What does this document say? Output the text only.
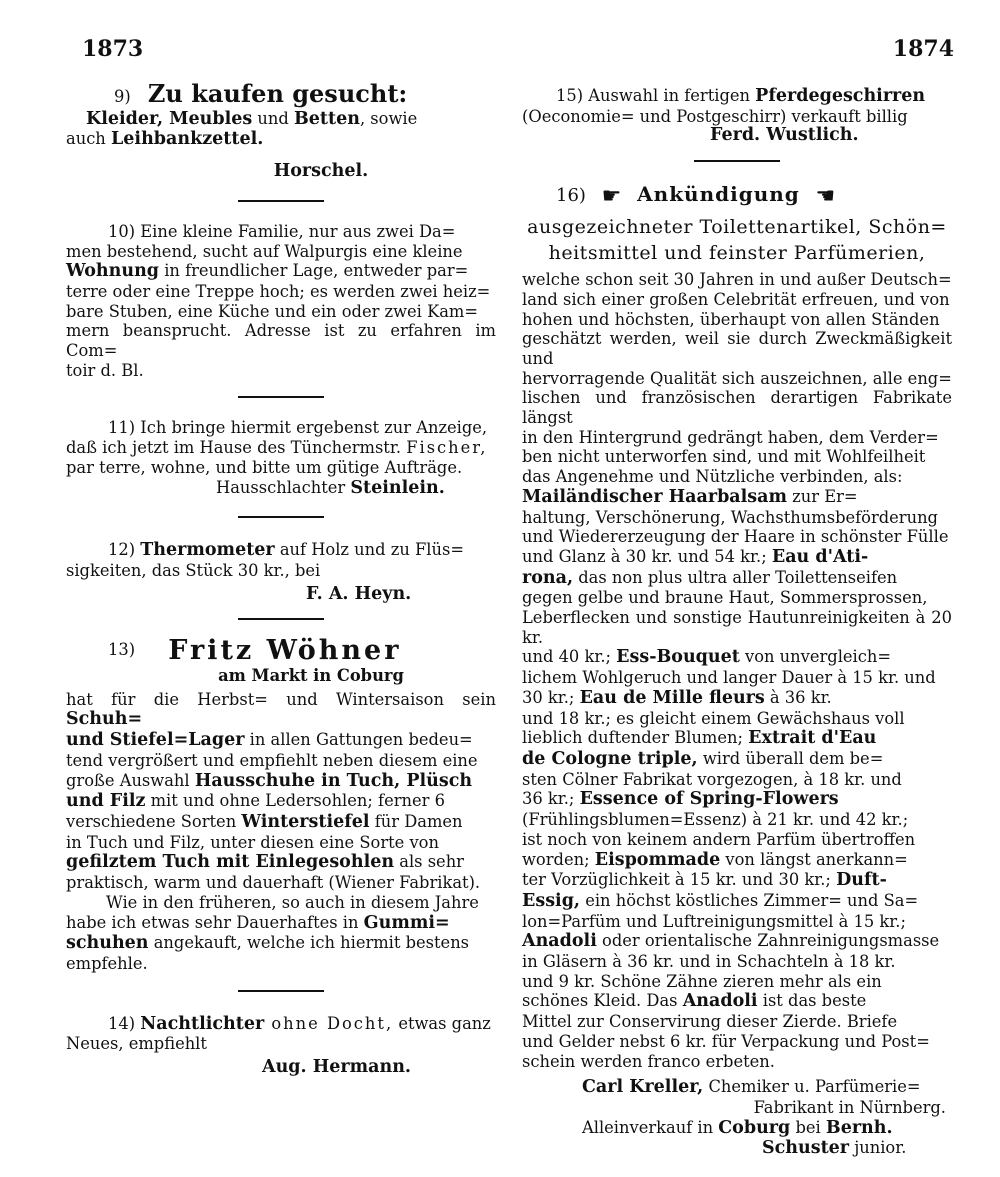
1873	1874

9) Zu kaufen gesucht:

Kleider, Meubles und Betten, sowie

auch Leihbankzettel.

Horschel.

10) Eine kleine Familie, nur aus zwei Da=

men bestehend, sucht auf Walpurgis eine kleine

Wohnung in freundlicher Lage, entweder par=

terre oder eine Treppe hoch; es werden zwei heiz=

bare Stuben, eine Küche und ein oder zwei Kam=

mern beansprucht. Adresse ist zu erfahren im Com=

toir d. Bl.

11) Ich bringe hiermit ergebenst zur Anzeige,

daß ich jetzt im Hause des Tünchermstr. Fischer,

par terre, wohne, und bitte um gütige Aufträge.

Hausschlachter Steinlein.

12) Thermometer auf Holz und zu Flüs=

sigkeiten, das Stück 30 kr., bei

F. A. Heyn.

13) Fritz Wöhner

am Markt in Coburg

hat für die Herbst= und Wintersaison sein Schuh=

und Stiefel=Lager in allen Gattungen bedeu=

tend vergrößert und empfiehlt neben diesem eine

große Auswahl Hausschuhe in Tuch, Plüsch

und Filz mit und ohne Ledersohlen; ferner 6

verschiedene Sorten Winterstiefel für Damen

in Tuch und Filz, unter diesen eine Sorte von

gefilztem Tuch mit Einlegesohlen als sehr

praktisch, warm und dauerhaft (Wiener Fabrikat).

Wie in den früheren, so auch in diesem Jahre

habe ich etwas sehr Dauerhaftes in Gummi=

schuhen angekauft, welche ich hiermit bestens

empfehle.

14) Nachtlichter ohne Docht, etwas ganz

Neues, empfiehlt

Aug. Hermann.

15) Auswahl in fertigen Pferdegeschirren

(Oeconomie= und Postgeschirr) verkauft billig

Ferd. Wustlich.

16) ☛ Ankündigung ☚

ausgezeichneter Toilettenartikel, Schön=

heitsmittel und feinster Parfümerien,

welche schon seit 30 Jahren in und außer Deutsch=

land sich einer großen Celebrität erfreuen, und von

hohen und höchsten, überhaupt von allen Ständen

geschätzt werden, weil sie durch Zweckmäßigkeit und

hervorragende Qualität sich auszeichnen, alle eng=

lischen und französischen derartigen Fabrikate längst

in den Hintergrund gedrängt haben, dem Verder=

ben nicht unterworfen sind, und mit Wohlfeilheit

das Angenehme und Nützliche verbinden, als:

Mailändischer Haarbalsam zur Er=

haltung, Verschönerung, Wachsthumsbeförderung

und Wiedererzeugung der Haare in schönster Fülle

und Glanz à 30 kr. und 54 kr.; Eau d'Ati-

rona, das non plus ultra aller Toilettenseifen

gegen gelbe und braune Haut, Sommersprossen,

Leberflecken und sonstige Hautunreinigkeiten à 20 kr.

und 40 kr.; Ess-Bouquet von unvergleich=

lichem Wohlgeruch und langer Dauer à 15 kr. und

30 kr.; Eau de Mille fleurs à 36 kr.

und 18 kr.; es gleicht einem Gewächshaus voll

lieblich duftender Blumen; Extrait d'Eau

de Cologne triple, wird überall dem be=

sten Cölner Fabrikat vorgezogen, à 18 kr. und

36 kr.; Essence of Spring-Flowers

(Frühlingsblumen=Essenz) à 21 kr. und 42 kr.;

ist noch von keinem andern Parfüm übertroffen

worden; Eispommade von längst anerkann=

ter Vorzüglichkeit à 15 kr. und 30 kr.; Duft-

Essig, ein höchst köstliches Zimmer= und Sa=

lon=Parfüm und Luftreinigungsmittel à 15 kr.;

Anadoli oder orientalische Zahnreinigungsmasse

in Gläsern à 36 kr. und in Schachteln à 18 kr.

und 9 kr. Schöne Zähne zieren mehr als ein

schönes Kleid. Das Anadoli ist das beste

Mittel zur Conservirung dieser Zierde. Briefe

und Gelder nebst 6 kr. für Verpackung und Post=

schein werden franco erbeten.

Carl Kreller, Chemiker u. Parfümerie=

Fabrikant in Nürnberg.

Alleinverkauf in Coburg bei Bernh.

Schuster junior.
